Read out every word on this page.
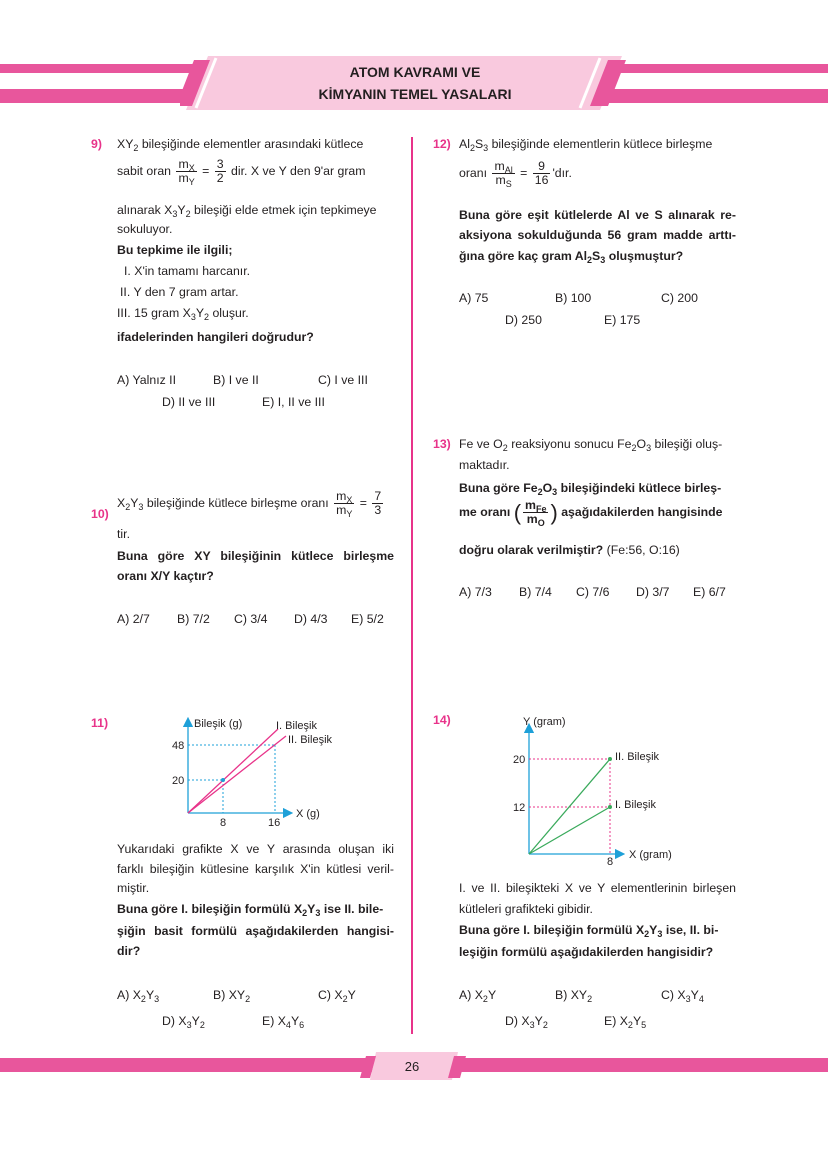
ATOM KAVRAMI VE
KİMYANIN TEMEL YASALARI
9) $XY_2$ bileşiğinde elementler arasındaki kütlece
sabit oran $\frac{m_X}{m_Y} = \frac{3}{2}$ dir. X ve Y den 9'ar gram
alınarak $X_3Y_2$ bileşiği elde etmek için tepkimeye
sokuluyor.
Bu tepkime ile ilgili;
I. X'in tamamı harcanır.
II. Y den 7 gram artar.
III. 15 gram $X_3Y_2$ oluşur.
ifadelerinden hangileri doğrudur?
A) Yalnız II	B) I ve II	C) I ve III
D) II ve III	E) I, II ve III
10)
$X_2Y_3$ bileşiğinde kütlece birleşme oranı $\frac{m_X}{m_Y} = \frac{7}{3}$
tir.
Buna göre XY bileşiğinin kütlece birleşme
oranı X/Y kaçtır?
A) 2/7 B) 7/2 C) 3/4 D) 4/3 E) 5/2
11)	Bileşik (g)
X (g)
48
20
8	16
I. Bileşik
II. Bileşik
Yukarıdaki grafikte X ve Y arasında oluşan iki
farklı bileşiğin kütlesine karşılık X'in kütlesi veril-
miştir.
Buna göre I. bileşiğin formülü $X_2Y_3$ ise II. bile-
şiğin basit formülü aşağıdakilerden hangisi-
dir?
A) $X_2Y_3$	B) $XY_2$	C) $X_2Y$
D) $X_3Y_2$	E) $X_4Y_6$
12) $Al_2S_3$ bileşiğinde elementlerin kütlece birleşme
oranı $\frac{m_{Al}}{m_S} = \frac{9}{16}$ 'dır.
Buna göre eşit kütlelerde Al ve S alınarak re-
aksiyona sokulduğunda 56 gram madde arttı-
ğına göre kaç gram $Al_2S_3$ oluşmuştur?
A) 75	B) 100	C) 200
D) 250	E) 175
13) Fe ve $O_2$ reaksiyonu sonucu $Fe_2O_3$ bileşiği oluş-
maktadır.
Buna göre $Fe_2O_3$ bileşiğindeki kütlece birleş-
me oranı ( $\frac{m_{Fe}}{m_O}$ ) aşağıdakilerden hangisinde
doğru olarak verilmiştir? (Fe:56, O:16)
A) 7/3 B) 7/4 C) 7/6 D) 3/7 E) 6/7
14)	Y (gram)
X (gram)
20
12
8
II. Bileşik
I. Bileşik
I. ve II. bileşikteki X ve Y elementlerinin birleşen
kütleleri grafikteki gibidir.
Buna göre I. bileşiğin formülü $X_2Y_3$ ise, II. bi-
leşiğin formülü aşağıdakilerden hangisidir?
A) $X_2Y$	B) $XY_2$	C) $X_3Y_4$
D) $X_3Y_2$	E) $X_2Y_5$
26
